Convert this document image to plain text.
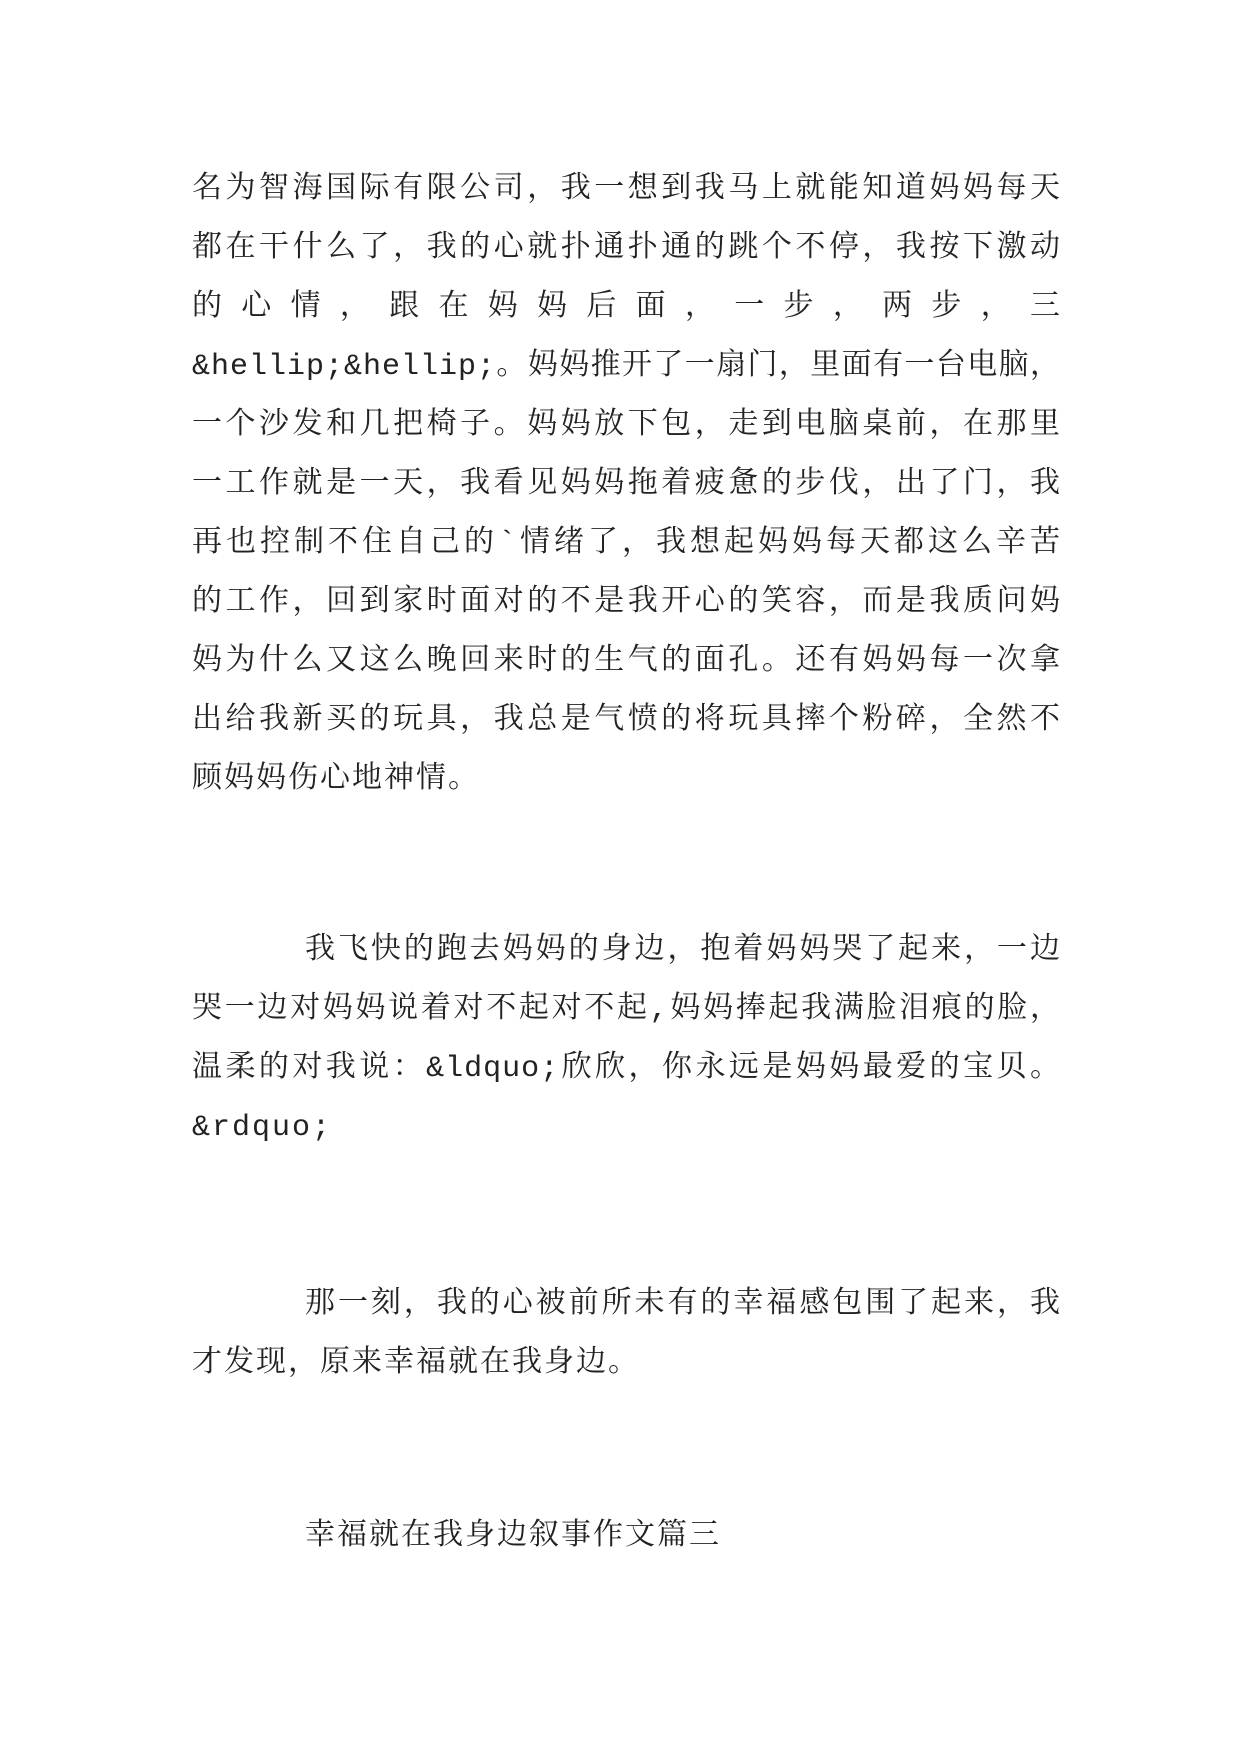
名为智海国际有限公司，我一想到我马上就能知道妈妈每天
都在干什么了，我的心就扑通扑通的跳个不停，我按下激动
的心情，跟在妈妈后面，一步，两步，三
&hellip;&hellip;。妈妈推开了一扇门，里面有一台电脑，
一个沙发和几把椅子。妈妈放下包，走到电脑桌前，在那里
一工作就是一天，我看见妈妈拖着疲惫的步伐，出了门，我
再也控制不住自己的`情绪了，我想起妈妈每天都这么辛苦
的工作，回到家时面对的不是我开心的笑容，而是我质问妈
妈为什么又这么晚回来时的生气的面孔。还有妈妈每一次拿
出给我新买的玩具，我总是气愤的将玩具摔个粉碎，全然不
顾妈妈伤心地神情。
我飞快的跑去妈妈的身边，抱着妈妈哭了起来，一边
哭一边对妈妈说着对不起对不起,妈妈捧起我满脸泪痕的脸，
温柔的对我说：&ldquo;欣欣，你永远是妈妈最爱的宝贝。
&rdquo;
那一刻，我的心被前所未有的幸福感包围了起来，我
才发现，原来幸福就在我身边。
幸福就在我身边叙事作文篇三
